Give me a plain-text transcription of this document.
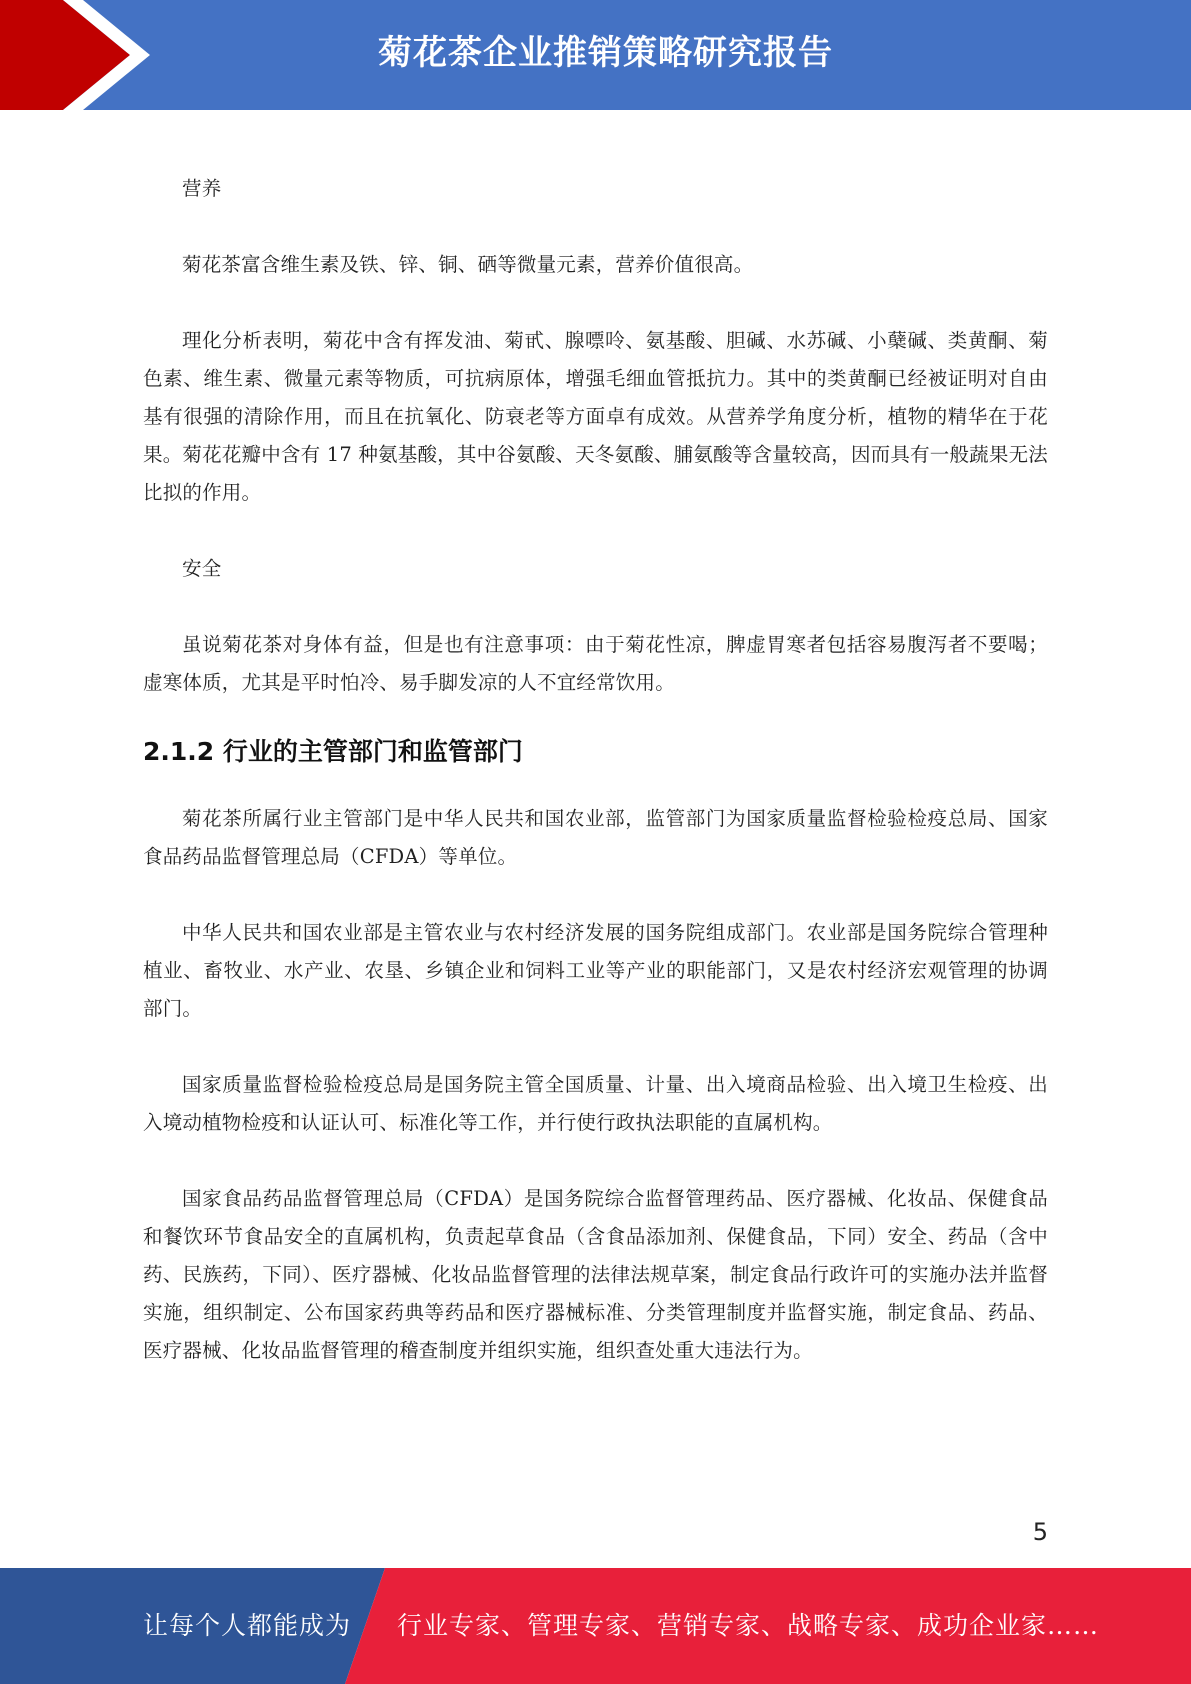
菊花茶企业推销策略研究报告

营养

菊花茶富含维生素及铁、锌、铜、硒等微量元素，营养价值很高。

理化分析表明，菊花中含有挥发油、菊甙、腺嘌呤、氨基酸、胆碱、水苏碱、小蘖碱、类黄酮、菊色素、维生素、微量元素等物质，可抗病原体，增强毛细血管抵抗力。其中的类黄酮已经被证明对自由基有很强的清除作用，而且在抗氧化、防衰老等方面卓有成效。从营养学角度分析，植物的精华在于花果。菊花花瓣中含有 17 种氨基酸，其中谷氨酸、天冬氨酸、脯氨酸等含量较高，因而具有一般蔬果无法比拟的作用。

安全

虽说菊花茶对身体有益，但是也有注意事项：由于菊花性凉，脾虚胃寒者包括容易腹泻者不要喝；虚寒体质，尤其是平时怕冷、易手脚发凉的人不宜经常饮用。

2.1.2 行业的主管部门和监管部门

菊花茶所属行业主管部门是中华人民共和国农业部，监管部门为国家质量监督检验检疫总局、国家食品药品监督管理总局（CFDA）等单位。

中华人民共和国农业部是主管农业与农村经济发展的国务院组成部门。农业部是国务院综合管理种植业、畜牧业、水产业、农垦、乡镇企业和饲料工业等产业的职能部门，又是农村经济宏观管理的协调部门。

国家质量监督检验检疫总局是国务院主管全国质量、计量、出入境商品检验、出入境卫生检疫、出入境动植物检疫和认证认可、标准化等工作，并行使行政执法职能的直属机构。

国家食品药品监督管理总局（CFDA）是国务院综合监督管理药品、医疗器械、化妆品、保健食品和餐饮环节食品安全的直属机构，负责起草食品（含食品添加剂、保健食品，下同）安全、药品（含中药、民族药，下同）、医疗器械、化妆品监督管理的法律法规草案，制定食品行政许可的实施办法并监督实施，组织制定、公布国家药典等药品和医疗器械标准、分类管理制度并监督实施，制定食品、药品、医疗器械、化妆品监督管理的稽查制度并组织实施，组织查处重大违法行为。

5
让每个人都能成为 行业专家、管理专家、营销专家、战略专家、成功企业家……
